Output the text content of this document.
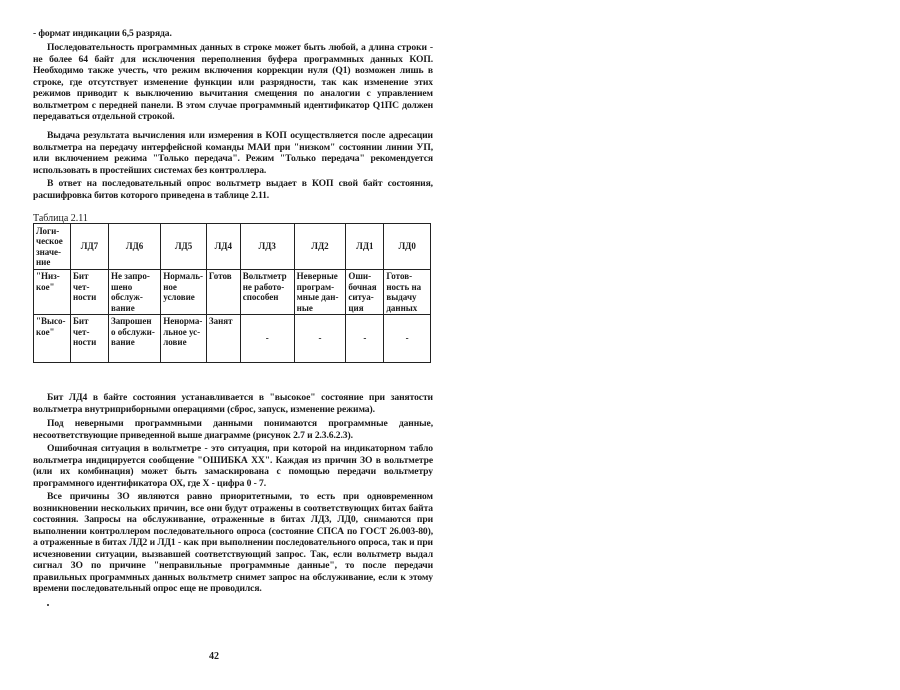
- формат индикации 6,5 разряда.
Последовательность программных данных в строке может быть любой, а длина строки - не более 64 байт для исключения переполнения буфера программных данных КОП. Необходимо также учесть, что режим включения коррекции нуля (Q1) возможен лишь в строке, где отсутствует изменение функции или разрядности, так как изменение этих режимов приводит к выключению вычитания смещения по аналогии с управлением вольтметром с передней панели. В этом случае программный идентификатор Q1ПС должен передаваться отдельной строкой.
Выдача результата вычисления или измерения в КОП осуществляется после адресации вольтметра на передачу интерфейсной команды МАИ при "низком" состоянии линии УП, или включением режима "Только передача". Режим "Только передача" рекомендуется использовать в простейших системах без контроллера.
В ответ на последовательный опрос вольтметр выдает в КОП свой байт состояния, расшифровка битов которого приведена в таблице 2.11.
Таблица 2.11
Логи-ческое значе-ние	ЛД7	ЛД6	ЛД5	ЛД4	ЛД3	ЛД2	ЛД1	ЛД0
"Низ-кое"	Бит чет-ности	Не запро-шено обслуж-вание	Нормаль-ное условие	Готов	Вольтметр не работо-способен	Неверные програм-мные дан-ные	Оши-бочная ситуа-ция	Готов-ность на выдачу данных
"Высо-кое"	Бит чет-ности	Запрошен о обслужи-вание	Ненорма-льное ус-ловие	Занят	-	-	-	-
Бит ЛД4 в байте состояния устанавливается в "высокое" состояние при занятости вольтметра внутриприборными операциями (сброс, запуск, изменение режима).
Под неверными программными данными понимаются программные данные, несоответствующие приведенной выше диаграмме (рисунок 2.7 и 2.3.6.2.3).
Ошибочная ситуация в вольтметре - это ситуация, при которой на индикаторном табло вольтметра индицируется сообщение "ОШИБКА ХХ". Каждая из причин ЗО в вольтметре (или их комбинация) может быть замаскирована с помощью передачи вольтметру программного идентификатора ОХ, где Х - цифра 0 - 7.
Все причины ЗО являются равно приоритетными, то есть при одновременном возникновении нескольких причин, все они будут отражены в соответствующих битах байта состояния. Запросы на обслуживание, отраженные в битах ЛД3, ЛД0, снимаются при выполнении контроллером последовательного опроса (состояние СПСА по ГОСТ 26.003-80), а отраженные в битах ЛД2 и ЛД1 - как при выполнении последовательного опроса, так и при исчезновении ситуации, вызвавшей соответствующий запрос. Так, если вольтметр выдал сигнал ЗО по причине "неправильные программные данные", то после передачи правильных программных данных вольтметр снимет запрос на обслуживание, если к этому времени последовательный опрос еще не проводился.
42
